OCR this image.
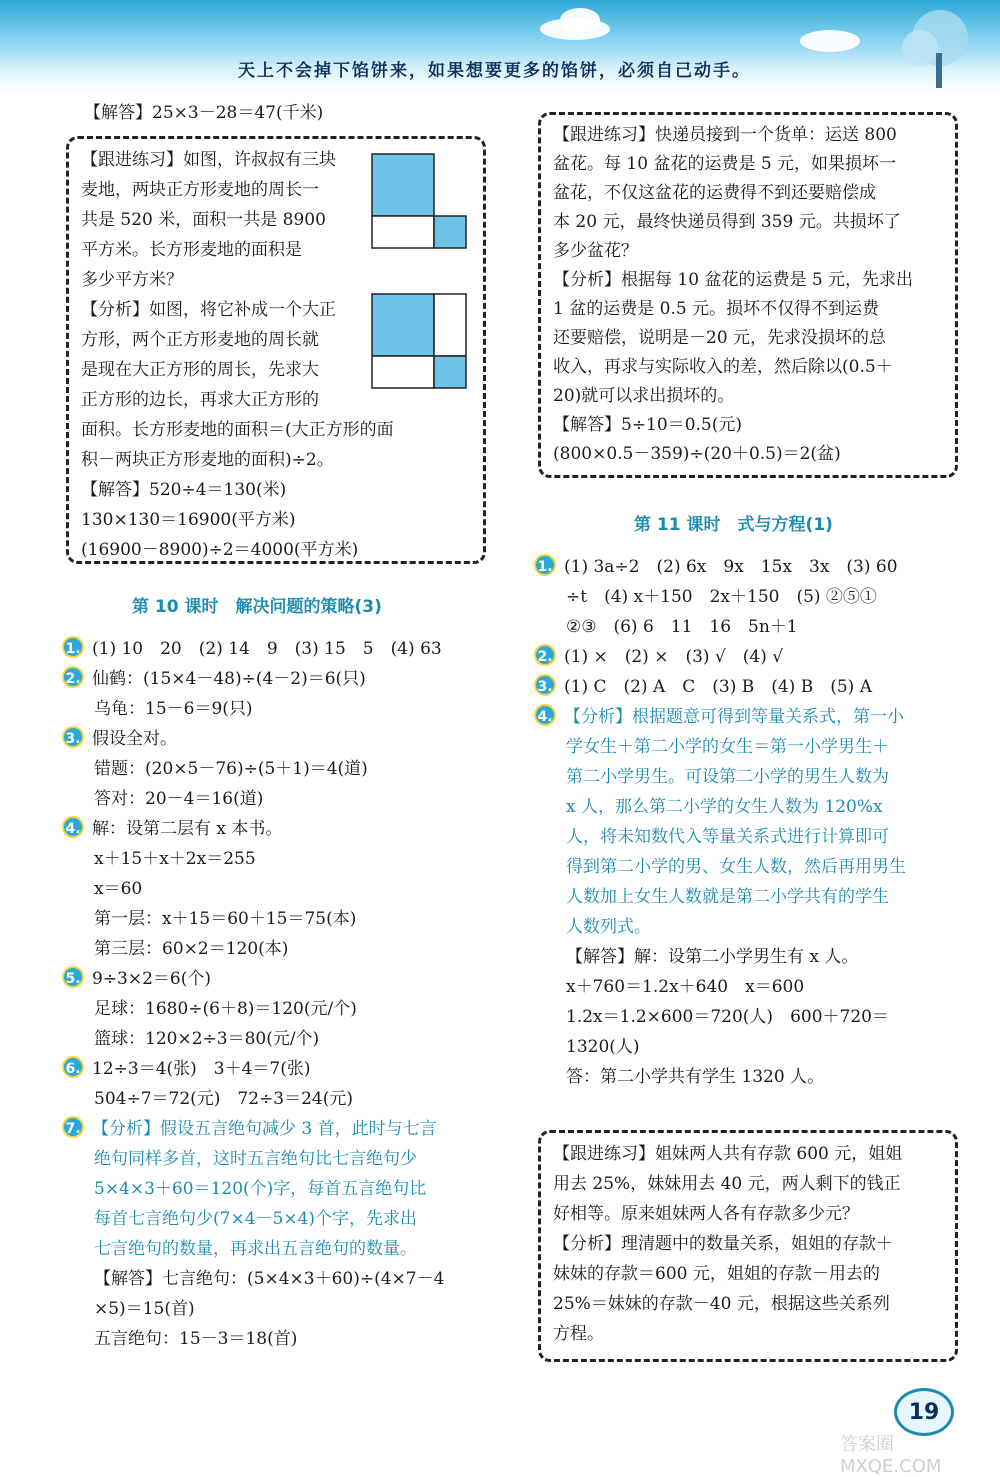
天上不会掉下馅饼来，如果想要更多的馅饼，必须自己动手。
【解答】25×3－28＝47(千米)
【跟进练习】如图，许叔叔有三块
麦地，两块正方形麦地的周长一
共是 520 米，面积一共是 8900
平方米。长方形麦地的面积是
多少平方米？
【分析】如图，将它补成一个大正
方形，两个正方形麦地的周长就
是现在大正方形的周长，先求大
正方形的边长，再求大正方形的
面积。长方形麦地的面积＝(大正方形的面
积－两块正方形麦地的面积)÷2。
【解答】520÷4＝130(米)
130×130＝16900(平方米)
(16900－8900)÷2＝4000(平方米)
第 10 课时　解决问题的策略(3)
1. (1) 10　20　(2) 14　9　(3) 15　5　(4) 63
2. 仙鹤：(15×4－48)÷(4－2)＝6(只)
乌龟：15－6＝9(只)
3. 假设全对。
错题：(20×5－76)÷(5＋1)＝4(道)
答对：20－4＝16(道)
4. 解：设第二层有 x 本书。
x＋15＋x＋2x＝255
x＝60
第一层：x＋15＝60＋15＝75(本)
第三层：60×2＝120(本)
5. 9÷3×2＝6(个)
足球：1680÷(6＋8)＝120(元/个)
篮球：120×2÷3＝80(元/个)
6. 12÷3＝4(张)　3＋4＝7(张)
504÷7＝72(元)　72÷3＝24(元)
7. 【分析】假设五言绝句减少 3 首，此时与七言
绝句同样多首，这时五言绝句比七言绝句少
5×4×3＋60＝120(个)字，每首五言绝句比
每首七言绝句少(7×4－5×4)个字，先求出
七言绝句的数量，再求出五言绝句的数量。
【解答】七言绝句：(5×4×3＋60)÷(4×7－4
×5)＝15(首)
五言绝句：15－3＝18(首)
【跟进练习】快递员接到一个货单：运送 800
盆花。每 10 盆花的运费是 5 元，如果损坏一
盆花，不仅这盆花的运费得不到还要赔偿成
本 20 元，最终快递员得到 359 元。共损坏了
多少盆花？
【分析】根据每 10 盆花的运费是 5 元，先求出
1 盆的运费是 0.5 元。损坏不仅得不到运费
还要赔偿，说明是－20 元，先求没损坏的总
收入，再求与实际收入的差，然后除以(0.5＋
20)就可以求出损坏的。
【解答】5÷10＝0.5(元)
(800×0.5－359)÷(20＋0.5)＝2(盆)
第 11 课时　式与方程(1)
1. (1) 3a÷2　(2) 6x　9x　15x　3x　(3) 60
÷t　(4) x＋150　2x＋150　(5) ②⑤①
②③　(6) 6　11　16　5n＋1
2. (1) ×　(2) ×　(3) √　(4) √
3. (1) C　(2) A　C　(3) B　(4) B　(5) A
4. 【分析】根据题意可得到等量关系式，第一小
学女生＋第二小学的女生＝第一小学男生＋
第二小学男生。可设第二小学的男生人数为
x 人，那么第二小学的女生人数为 120%x
人，将未知数代入等量关系式进行计算即可
得到第二小学的男、女生人数，然后再用男生
人数加上女生人数就是第二小学共有的学生
人数列式。
【解答】解：设第二小学男生有 x 人。
x＋760＝1.2x＋640　x＝600
1.2x＝1.2×600＝720(人)　600＋720＝
1320(人)
答：第二小学共有学生 1320 人。
【跟进练习】姐妹两人共有存款 600 元，姐姐
用去 25%，妹妹用去 40 元，两人剩下的钱正
好相等。原来姐妹两人各有存款多少元？
【分析】理清题中的数量关系，姐姐的存款＋
妹妹的存款＝600 元，姐姐的存款－用去的
25%＝妹妹的存款－40 元，根据这些关系列
方程。
19
答案圈 MXQE.COM
